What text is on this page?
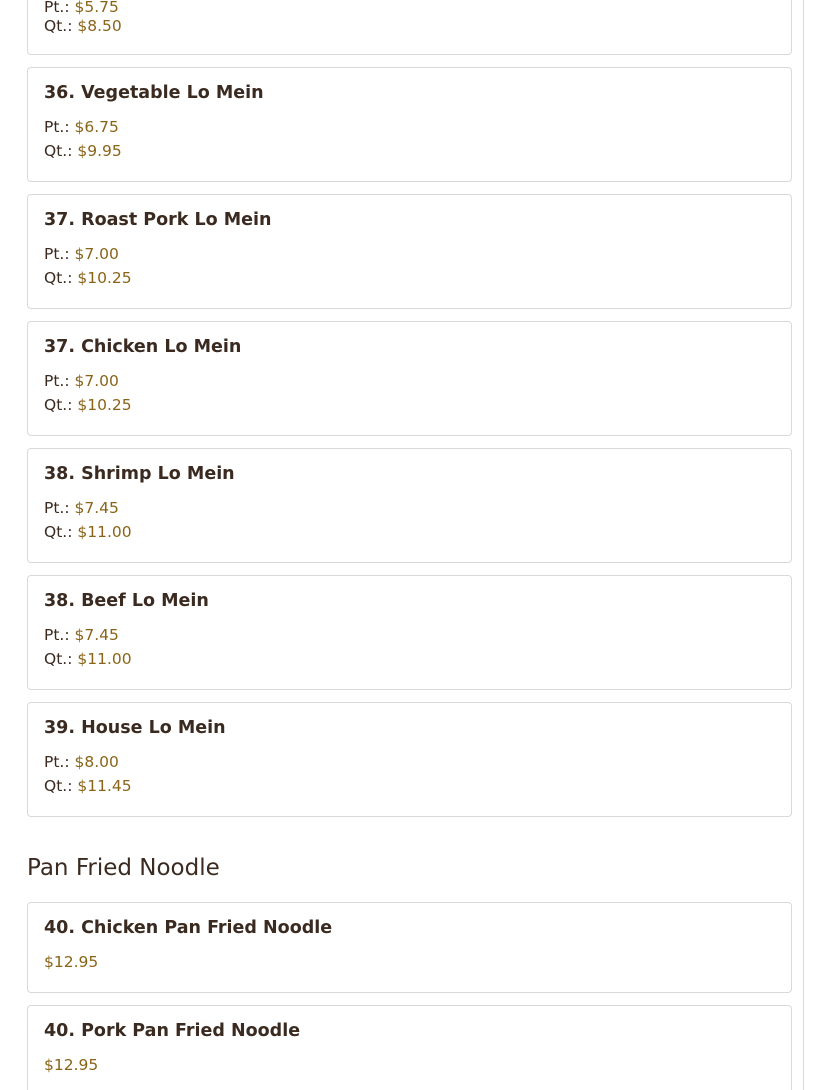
Pt.: $5.75

Qt.: $8.50

36. Vegetable Lo Mein

Pt.: $6.75

Qt.: $9.95

37. Roast Pork Lo Mein

Pt.: $7.00

Qt.: $10.25

37. Chicken Lo Mein

Pt.: $7.00

Qt.: $10.25

38. Shrimp Lo Mein

Pt.: $7.45

Qt.: $11.00

38. Beef Lo Mein

Pt.: $7.45

Qt.: $11.00

39. House Lo Mein

Pt.: $8.00

Qt.: $11.45

Pan Fried Noodle
40. Chicken Pan Fried Noodle

$12.95

40. Pork Pan Fried Noodle

$12.95
